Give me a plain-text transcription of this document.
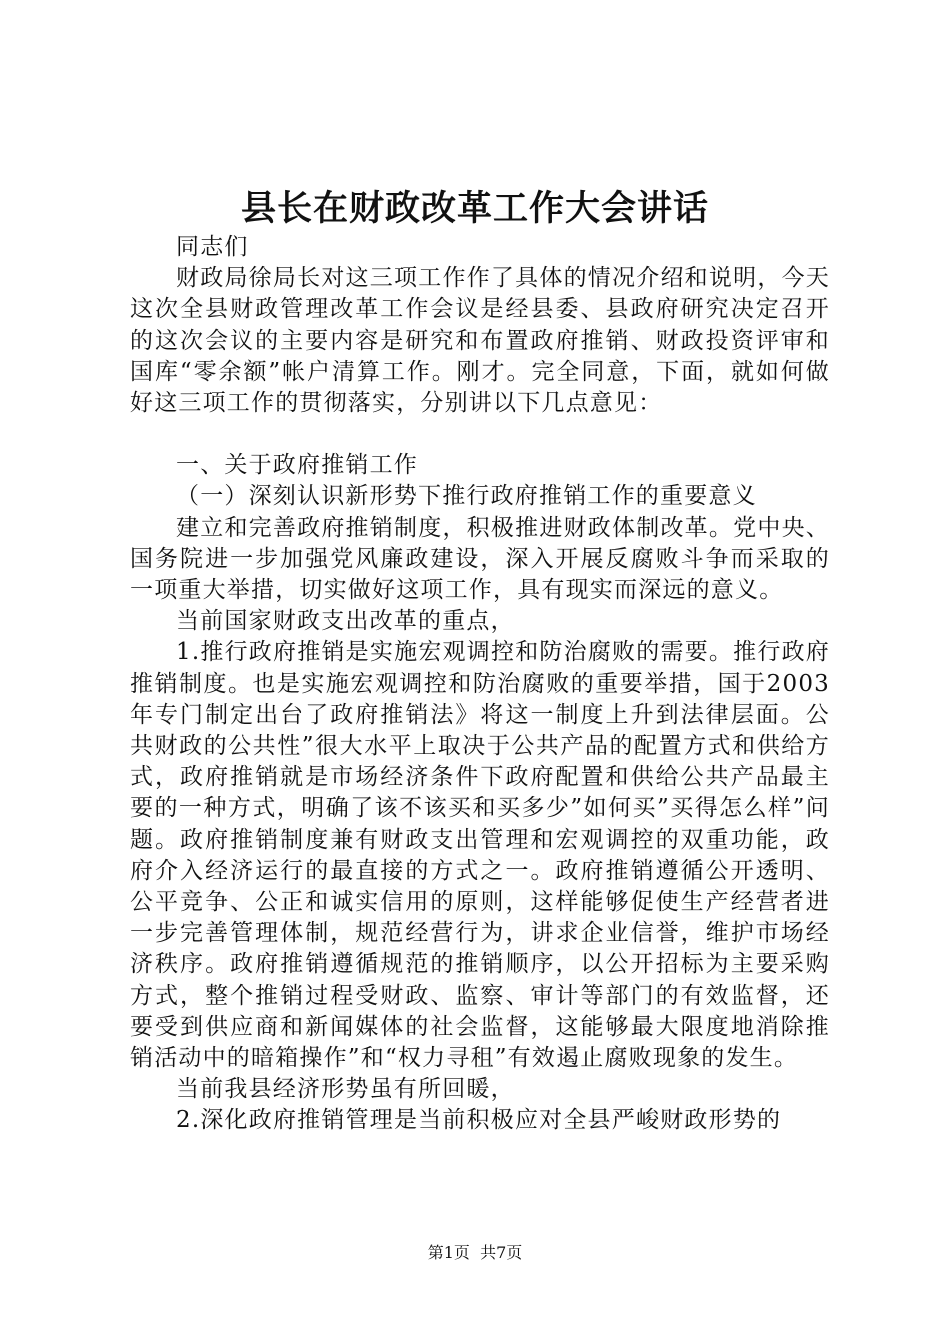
县长在财政改革工作大会讲话

同志们

财政局徐局长对这三项工作作了具体的情况介绍和说明，今天这次全县财政管理改革工作会议是经县委、县政府研究决定召开的这次会议的主要内容是研究和布置政府推销、财政投资评审和国库“零余额”帐户清算工作。刚才。完全同意，下面，就如何做好这三项工作的贯彻落实，分别讲以下几点意见：

一、关于政府推销工作

（一）深刻认识新形势下推行政府推销工作的重要意义

建立和完善政府推销制度，积极推进财政体制改革。党中央、国务院进一步加强党风廉政建设，深入开展反腐败斗争而采取的一项重大举措，切实做好这项工作，具有现实而深远的意义。

当前国家财政支出改革的重点，

1.推行政府推销是实施宏观调控和防治腐败的需要。推行政府推销制度。也是实施宏观调控和防治腐败的重要举措，国于2003年专门制定出台了政府推销法》将这一制度上升到法律层面。公共财政的公共性”很大水平上取决于公共产品的配置方式和供给方式，政府推销就是市场经济条件下政府配置和供给公共产品最主要的一种方式，明确了该不该买和买多少”如何买”买得怎么样”问题。政府推销制度兼有财政支出管理和宏观调控的双重功能，政府介入经济运行的最直接的方式之一。政府推销遵循公开透明、公平竞争、公正和诚实信用的原则，这样能够促使生产经营者进一步完善管理体制，规范经营行为，讲求企业信誉，维护市场经济秩序。政府推销遵循规范的推销顺序，以公开招标为主要采购方式，整个推销过程受财政、监察、审计等部门的有效监督，还要受到供应商和新闻媒体的社会监督，这能够最大限度地消除推销活动中的暗箱操作”和“权力寻租”有效遏止腐败现象的发生。

当前我县经济形势虽有所回暖，

2.深化政府推销管理是当前积极应对全县严峻财政形势的

第1页  共7页
